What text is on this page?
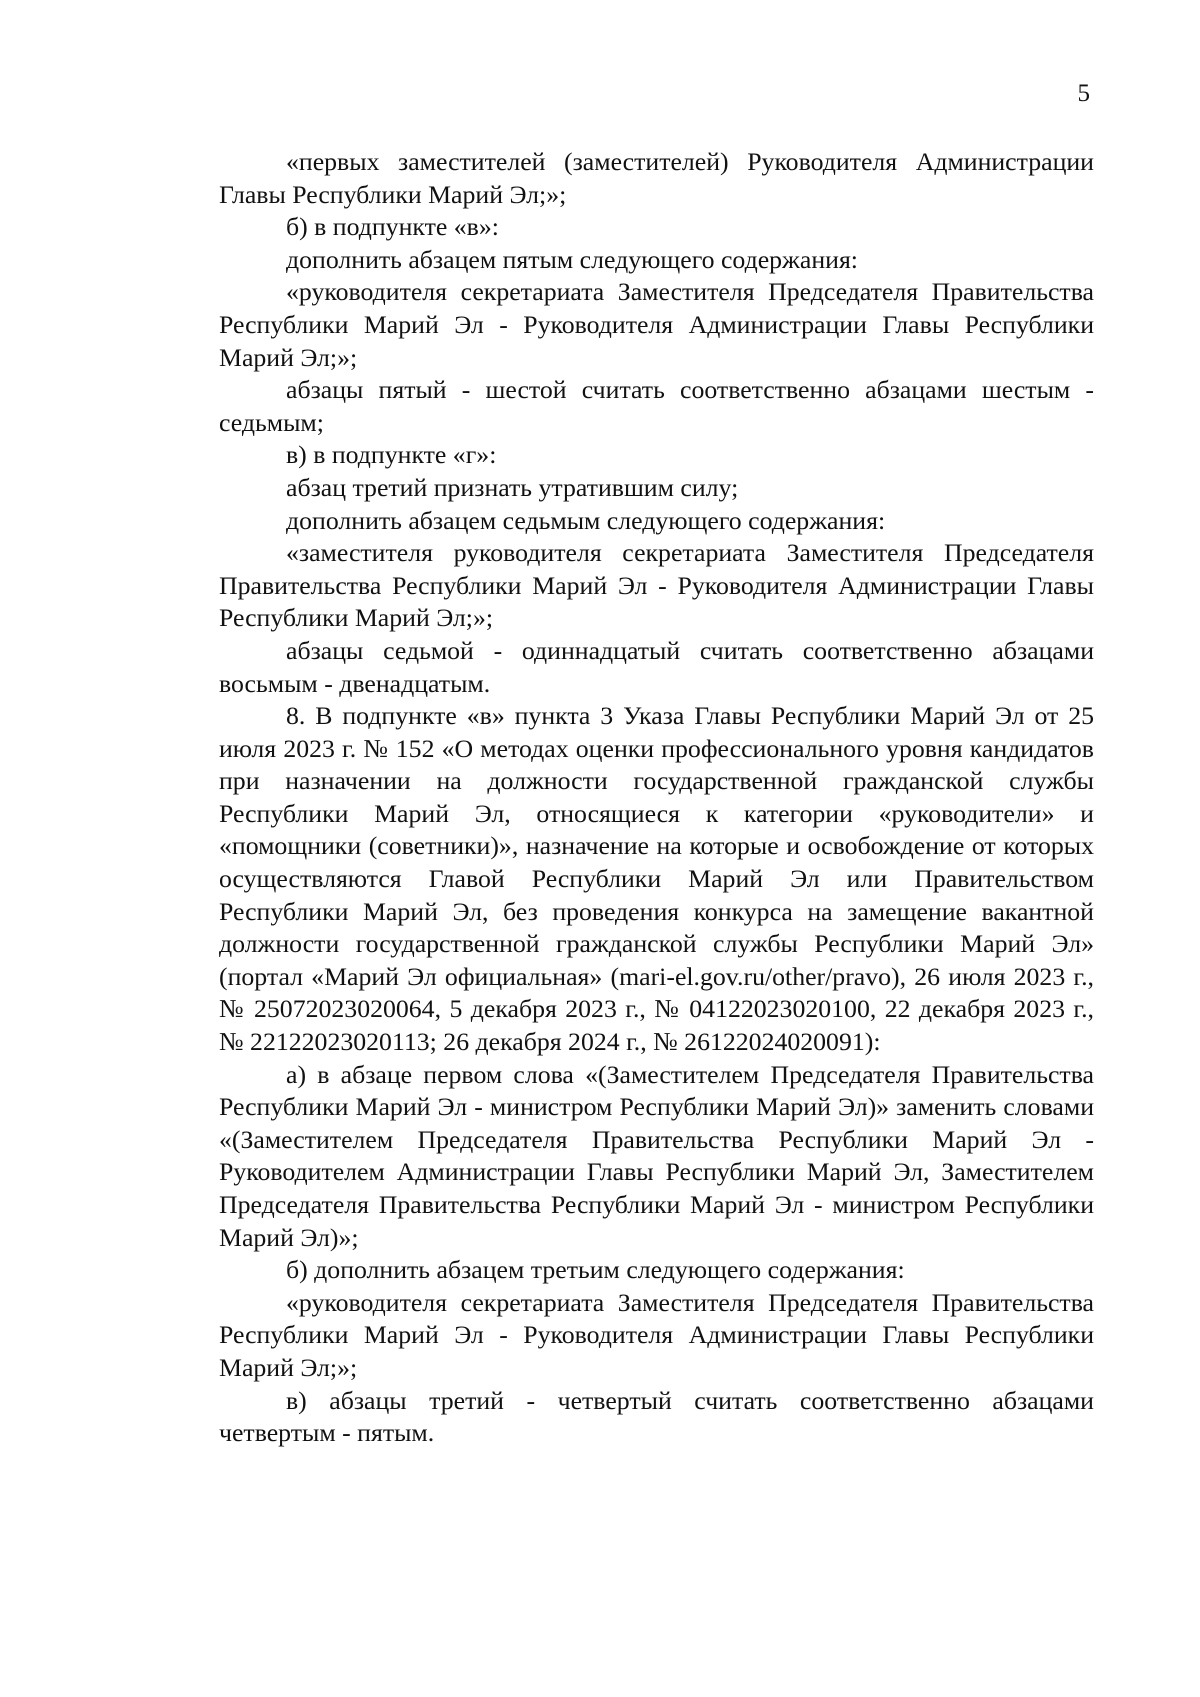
5

«первых заместителей (заместителей) Руководителя Администрации Главы Республики Марий Эл;»;

б) в подпункте «в»:

дополнить абзацем пятым следующего содержания:

«руководителя секретариата Заместителя Председателя Правительства Республики Марий Эл - Руководителя Администрации Главы Республики Марий Эл;»;

абзацы пятый - шестой считать соответственно абзацами шестым - седьмым;

в) в подпункте «г»:

абзац третий признать утратившим силу;

дополнить абзацем седьмым следующего содержания:

«заместителя руководителя секретариата Заместителя Председателя Правительства Республики Марий Эл - Руководителя Администрации Главы Республики Марий Эл;»;

абзацы седьмой - одиннадцатый считать соответственно абзацами восьмым - двенадцатым.

8. В подпункте «в» пункта 3 Указа Главы Республики Марий Эл от 25 июля 2023 г. № 152 «О методах оценки профессионального уровня кандидатов при назначении на должности государственной гражданской службы Республики Марий Эл, относящиеся к категории «руководители» и «помощники (советники)», назначение на которые и освобождение от которых осуществляются Главой Республики Марий Эл или Правительством Республики Марий Эл, без проведения конкурса на замещение вакантной должности государственной гражданской службы Республики Марий Эл» (портал «Марий Эл официальная» (mari-el.gov.ru/other/pravo), 26 июля 2023 г., № 25072023020064, 5 декабря 2023 г., № 04122023020100, 22 декабря 2023 г., № 22122023020113; 26 декабря 2024 г., № 26122024020091):

а) в абзаце первом слова «(Заместителем Председателя Правительства Республики Марий Эл - министром Республики Марий Эл)» заменить словами «(Заместителем Председателя Правительства Республики Марий Эл - Руководителем Администрации Главы Республики Марий Эл, Заместителем Председателя Правительства Республики Марий Эл - министром Республики Марий Эл)»;

б) дополнить абзацем третьим следующего содержания:

«руководителя секретариата Заместителя Председателя Правительства Республики Марий Эл - Руководителя Администрации Главы Республики Марий Эл;»;

в) абзацы третий - четвертый считать соответственно абзацами четвертым - пятым.
